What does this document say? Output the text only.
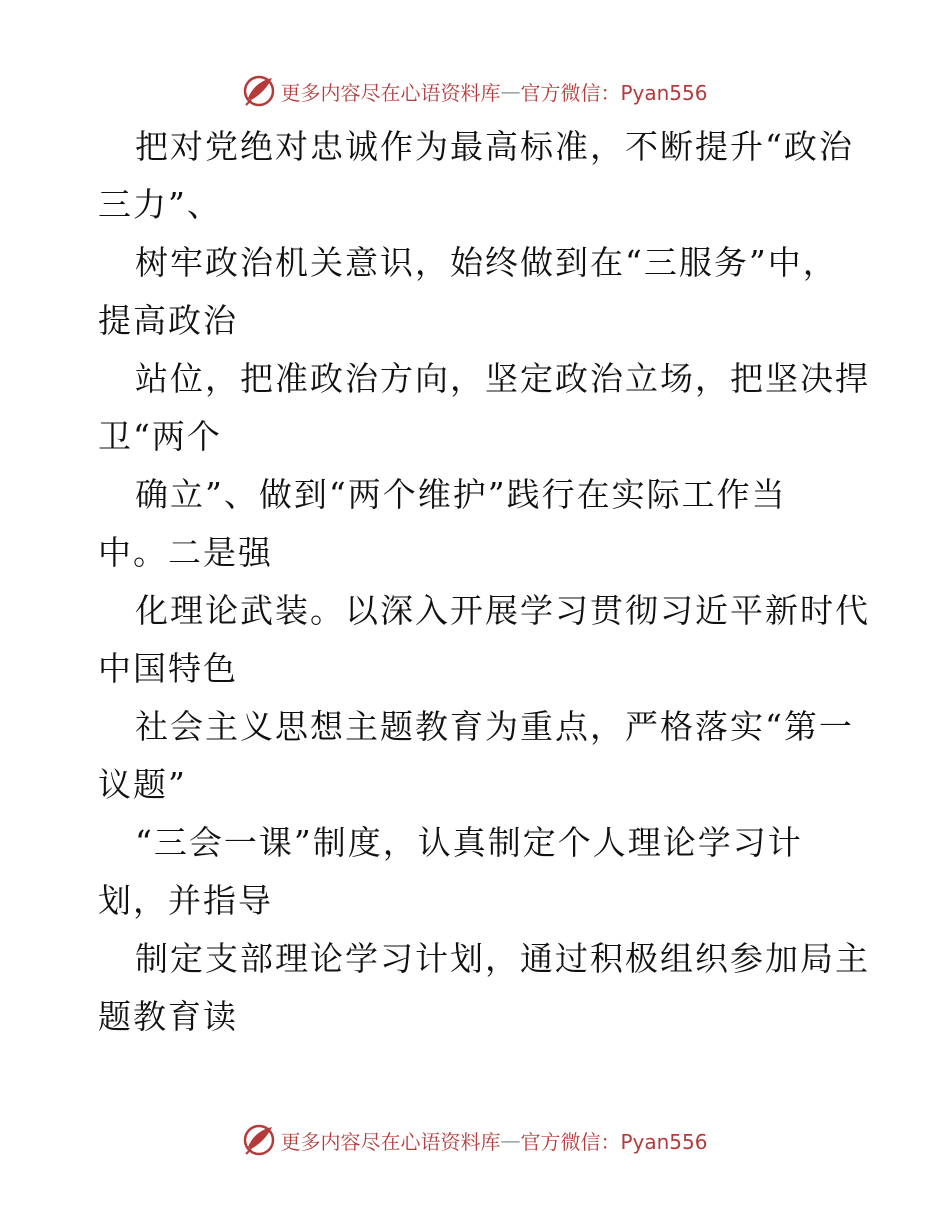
更多内容尽在心语资料库 — 官方微信：Pyan556
把对党绝对忠诚作为最高标准，不断提升“政治
三力”、
树牢政治机关意识，始终做到在“三服务”中，
提高政治
站位，把准政治方向，坚定政治立场，把坚决捍
卫“两个
确立”、做到“两个维护”践行在实际工作当
中。二是强
化理论武装。以深入开展学习贯彻习近平新时代
中国特色
社会主义思想主题教育为重点，严格落实“第一
议题”
“三会一课”制度，认真制定个人理论学习计
划，并指导
制定支部理论学习计划，通过积极组织参加局主
题教育读
更多内容尽在心语资料库 — 官方微信：Pyan556
